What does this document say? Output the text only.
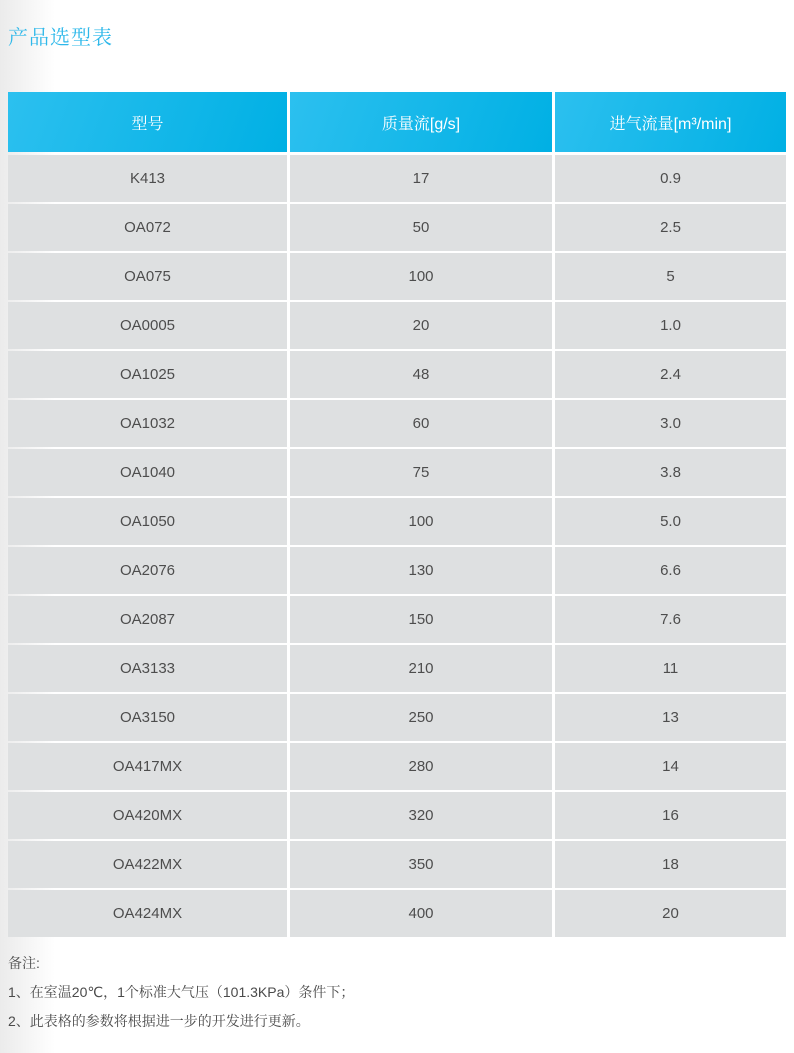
产品选型表
型号	质量流[g/s]	进气流量[m³/min]
K413	17	0.9
OA072	50	2.5
OA075	100	5
OA0005	20	1.0
OA1025	48	2.4
OA1032	60	3.0
OA1040	75	3.8
OA1050	100	5.0
OA2076	130	6.6
OA2087	150	7.6
OA3133	210	11
OA3150	250	13
OA417MX	280	14
OA420MX	320	16
OA422MX	350	18
OA424MX	400	20
备注:
1、在室温20℃，1个标准大气压（101.3KPa）条件下；
2、此表格的参数将根据进一步的开发进行更新。
